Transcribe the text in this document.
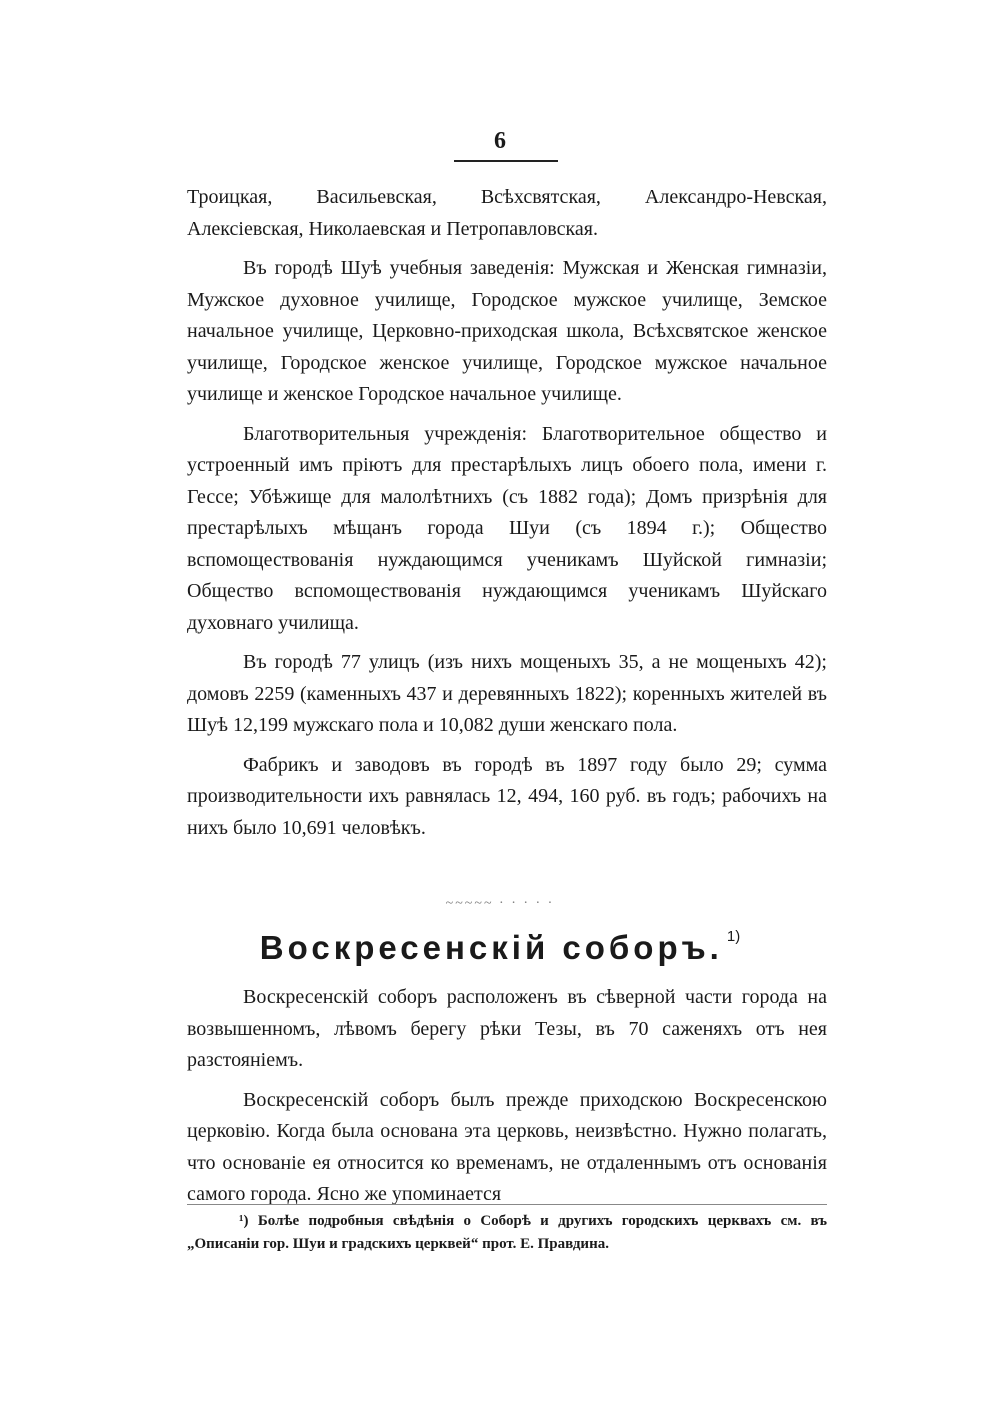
6

Троицкая, Васильевская, Всѣхсвятская, Александро-Невская, Алексіевская, Николаевская и Петропавловская.

Въ городѣ Шуѣ учебныя заведенія: Мужская и Женская гимназіи, Мужское духовное училище, Городское мужское училище, Земское начальное училище, Церковно-приходская школа, Всѣхсвятское женское училище, Городское женское училище, Городское мужское начальное училище и женское Городское начальное училище.

Благотворительныя учрежденія: Благотворительное общество и устроенный имъ пріютъ для престарѣлыхъ лицъ обоего пола, имени г. Гессе; Убѣжище для малолѣтнихъ (съ 1882 года); Домъ призрѣнія для престарѣлыхъ мѣщанъ города Шуи (съ 1894 г.); Общество вспомоществованія нуждающимся ученикамъ Шуйской гимназіи; Общество вспомоществованія нуждающимся ученикамъ Шуйскаго духовнаго училища.

Въ городѣ 77 улицъ (изъ нихъ мощеныхъ 35, а не мощеныхъ 42); домовъ 2259 (каменныхъ 437 и деревянныхъ 1822); коренныхъ жителей въ Шуѣ 12,199 мужскаго пола и 10,082 души женскаго пола.

Фабрикъ и заводовъ въ городѣ въ 1897 году было 29; сумма производительности ихъ равнялась 12, 494, 160 руб. въ годъ; рабочихъ на нихъ было 10,691 человѣкъ.

~~~~~ · · · · ·
Воскресенскій соборъ. $^{1)}$

Воскресенскій соборъ расположенъ въ сѣверной части города на возвышенномъ, лѣвомъ берегу рѣки Тезы, въ 70 саженяхъ отъ нея разстояніемъ.

Воскресенскій соборъ былъ прежде приходскою Воскресенскою церковію. Когда была основана эта церковь, неизвѣстно. Нужно полагать, что основаніе ея относится ко временамъ, не отдаленнымъ отъ основанія самого города. Ясно же упоминается

¹) Болѣе подробныя свѣдѣнія о Соборѣ и другихъ городскихъ церквахъ см. въ „Описаніи гор. Шуи и градскихъ церквей“ прот. Е. Правдина.
